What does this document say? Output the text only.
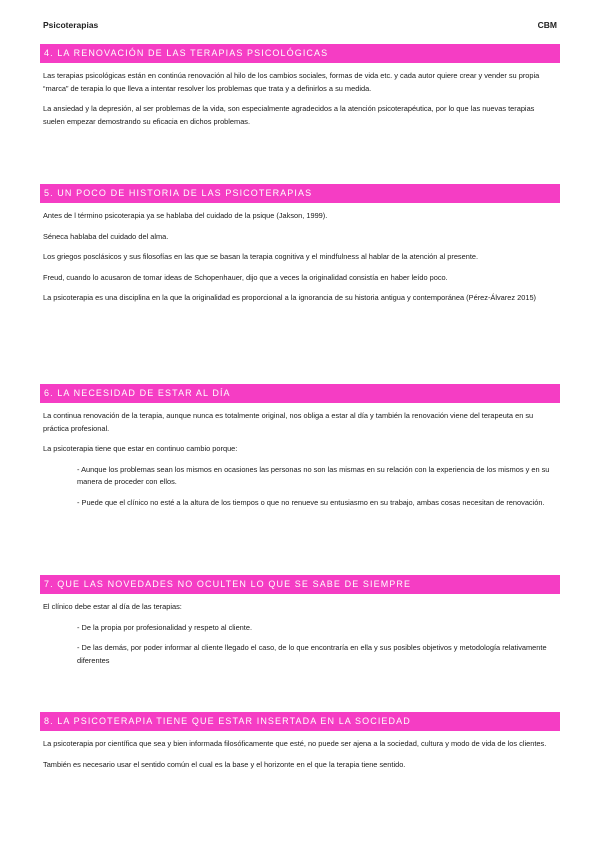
Psicoterapias	CBM
4. LA RENOVACIÓN DE LAS TERAPIAS PSICOLÓGICAS

Las terapias psicológicas están en continúa renovación al hilo de los cambios sociales, formas de vida etc. y cada autor quiere crear y vender su propia “marca” de terapia lo que lleva a intentar resolver los problemas que trata y a definirlos a su medida.

La ansiedad y la depresión, al ser problemas de la vida, son especialmente agradecidos a la atención psicoterapéutica, por lo que las nuevas terapias suelen empezar demostrando su eficacia en dichos problemas.

5. UN POCO DE HISTORIA DE LAS PSICOTERAPIAS

Antes de l término psicoterapia ya se hablaba del cuidado de la psique (Jakson, 1999).

Séneca hablaba del cuidado del alma.

Los griegos posclásicos y sus filosofías en las que se basan la terapia cognitiva y el mindfulness al hablar de la atención al presente.

Freud, cuando lo acusaron de tomar ideas de Schopenhauer, dijo que a veces la originalidad consistía en haber leído poco.

La psicoterapia es una disciplina en la que la originalidad es proporcional a la ignorancia de su historia antigua y contemporánea (Pérez-Álvarez 2015)

6. LA NECESIDAD DE ESTAR AL DÍA

La continua renovación de la terapia, aunque nunca es totalmente original, nos obliga a estar al día y también la renovación viene del terapeuta en su práctica profesional.

La psicoterapia tiene que estar en continuo cambio porque:

- Aunque los problemas sean los mismos en ocasiones las personas no son las mismas en su relación con la experiencia de los mismos y en su manera de proceder con ellos.

- Puede que el clínico no esté a la altura de los tiempos o que no renueve su entusiasmo en su trabajo, ambas cosas necesitan de renovación.

7. QUE LAS NOVEDADES NO OCULTEN LO QUE SE SABE DE SIEMPRE

El clínico debe estar al día de las terapias:

- De la propia por profesionalidad y respeto al cliente.

- De las demás, por poder informar al cliente llegado el caso, de lo que encontraría en ella y sus posibles objetivos y metodología relativamente diferentes

8. LA PSICOTERAPIA TIENE QUE ESTAR INSERTADA EN LA SOCIEDAD

La psicoterapia por científica que sea y bien informada filosóficamente que esté, no puede ser ajena a la sociedad, cultura y modo de vida de los clientes.

También es necesario usar el sentido común el cual es la base y el horizonte en el que la terapia tiene sentido.
